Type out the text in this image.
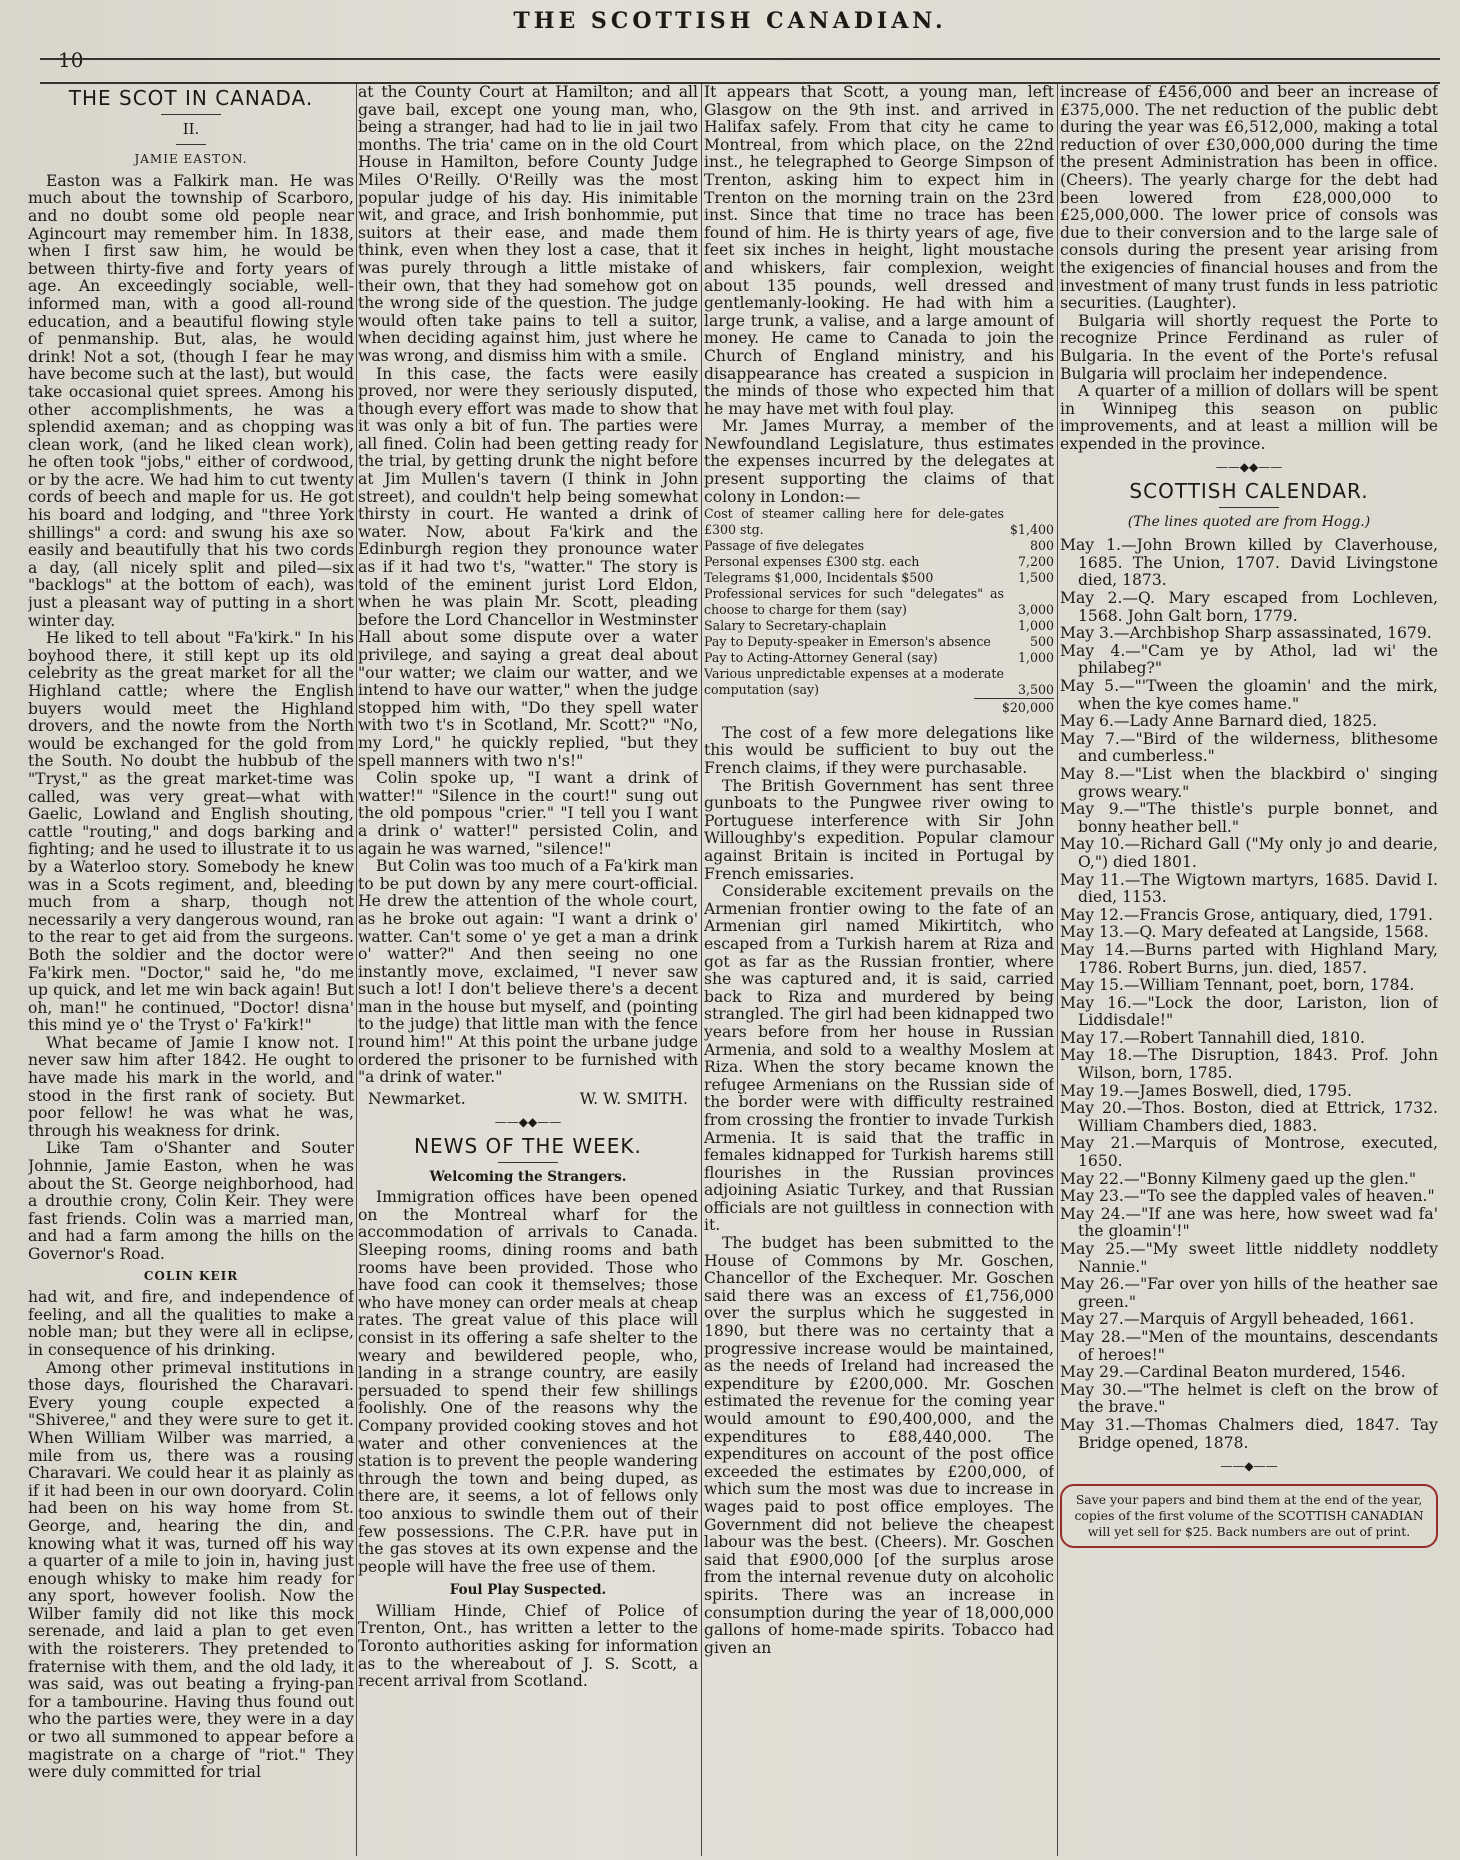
THE SCOTTISH CANADIAN.
10
THE SCOT IN CANADA.
II.
JAMIE EASTON.

Easton was a Falkirk man. He was much about the township of Scarboro, and no doubt some old people near Agincourt may remember him. In 1838, when I first saw him, he would be between thirty-five and forty years of age. An exceedingly sociable, well-informed man, with a good all-round education, and a beautiful flowing style of penmanship. But, alas, he would drink! Not a sot, (though I fear he may have become such at the last), but would take occasional quiet sprees. Among his other accomplishments, he was a splendid axeman; and as chopping was clean work, (and he liked clean work), he often took "jobs," either of cordwood, or by the acre. We had him to cut twenty cords of beech and maple for us. He got his board and lodging, and "three York shillings" a cord: and swung his axe so easily and beautifully that his two cords a day, (all nicely split and piled—six "backlogs" at the bottom of each), was just a pleasant way of putting in a short winter day.

He liked to tell about "Fa'kirk." In his boyhood there, it still kept up its old celebrity as the great market for all the Highland cattle; where the English buyers would meet the Highland drovers, and the nowte from the North would be exchanged for the gold from the South. No doubt the hubbub of the "Tryst," as the great market-time was called, was very great—what with Gaelic, Lowland and English shouting, cattle "routing," and dogs barking and fighting; and he used to illustrate it to us by a Waterloo story. Somebody he knew was in a Scots regiment, and, bleeding much from a sharp, though not necessarily a very dangerous wound, ran to the rear to get aid from the surgeons. Both the soldier and the doctor were Fa'kirk men. "Doctor," said he, "do me up quick, and let me win back again! But oh, man!" he continued, "Doctor! disna' this mind ye o' the Tryst o' Fa'kirk!"

What became of Jamie I know not. I never saw him after 1842. He ought to have made his mark in the world, and stood in the first rank of society. But poor fellow! he was what he was, through his weakness for drink.

Like Tam o'Shanter and Souter Johnnie, Jamie Easton, when he was about the St. George neighborhood, had a drouthie crony, Colin Keir. They were fast friends. Colin was a married man, and had a farm among the hills on the Governor's Road.

COLIN KEIR

had wit, and fire, and independence of feeling, and all the qualities to make a noble man; but they were all in eclipse, in consequence of his drinking.

Among other primeval institutions in those days, flourished the Charavari. Every young couple expected a "Shiveree," and they were sure to get it. When William Wilber was married, a mile from us, there was a rousing Charavari. We could hear it as plainly as if it had been in our own dooryard. Colin had been on his way home from St. George, and, hearing the din, and knowing what it was, turned off his way a quarter of a mile to join in, having just enough whisky to make him ready for any sport, however foolish. Now the Wilber family did not like this mock serenade, and laid a plan to get even with the roisterers. They pretended to fraternise with them, and the old lady, it was said, was out beating a frying-pan for a tambourine. Having thus found out who the parties were, they were in a day or two all summoned to appear before a magistrate on a charge of "riot." They were duly committed for trial

at the County Court at Hamilton; and all gave bail, except one young man, who, being a stranger, had had to lie in jail two months. The tria' came on in the old Court House in Hamilton, before County Judge Miles O'Reilly. O'Reilly was the most popular judge of his day. His inimitable wit, and grace, and Irish bonhommie, put suitors at their ease, and made them think, even when they lost a case, that it was purely through a little mistake of their own, that they had somehow got on the wrong side of the question. The judge would often take pains to tell a suitor, when deciding against him, just where he was wrong, and dismiss him with a smile.

In this case, the facts were easily proved, nor were they seriously disputed, though every effort was made to show that it was only a bit of fun. The parties were all fined. Colin had been getting ready for the trial, by getting drunk the night before at Jim Mullen's tavern (I think in John street), and couldn't help being somewhat thirsty in court. He wanted a drink of water. Now, about Fa'kirk and the Edinburgh region they pronounce water as if it had two t's, "watter." The story is told of the eminent jurist Lord Eldon, when he was plain Mr. Scott, pleading before the Lord Chancellor in Westminster Hall about some dispute over a water privilege, and saying a great deal about "our watter; we claim our watter, and we intend to have our watter," when the judge stopped him with, "Do they spell water with two t's in Scotland, Mr. Scott?" "No, my Lord," he quickly replied, "but they spell manners with two n's!"

Colin spoke up, "I want a drink of watter!" "Silence in the court!" sung out the old pompous "crier." "I tell you I want a drink o' watter!" persisted Colin, and again he was warned, "silence!"

But Colin was too much of a Fa'kirk man to be put down by any mere court-official. He drew the attention of the whole court, as he broke out again: "I want a drink o' watter. Can't some o' ye get a man a drink o' watter?" And then seeing no one instantly move, exclaimed, "I never saw such a lot! I don't believe there's a decent man in the house but myself, and (pointing to the judge) that little man with the fence round him!" At this point the urbane judge ordered the prisoner to be furnished with "a drink of water."

Newmarket.	W. W. SMITH.
——◆◆——
NEWS OF THE WEEK.
Welcoming the Strangers.

Immigration offices have been opened on the Montreal wharf for the accommodation of arrivals to Canada. Sleeping rooms, dining rooms and bath rooms have been provided. Those who have food can cook it themselves; those who have money can order meals at cheap rates. The great value of this place will consist in its offering a safe shelter to the weary and bewildered people, who, landing in a strange country, are easily persuaded to spend their few shillings foolishly. One of the reasons why the Company provided cooking stoves and hot water and other conveniences at the station is to prevent the people wandering through the town and being duped, as there are, it seems, a lot of fellows only too anxious to swindle them out of their few possessions. The C.P.R. have put in the gas stoves at its own expense and the people will have the free use of them.

Foul Play Suspected.

William Hinde, Chief of Police of Trenton, Ont., has written a letter to the Toronto authorities asking for information as to the whereabout of J. S. Scott, a recent arrival from Scotland.

It appears that Scott, a young man, left Glasgow on the 9th inst. and arrived in Halifax safely. From that city he came to Montreal, from which place, on the 22nd inst., he telegraphed to George Simpson of Trenton, asking him to expect him in Trenton on the morning train on the 23rd inst. Since that time no trace has been found of him. He is thirty years of age, five feet six inches in height, light moustache and whiskers, fair complexion, weight about 135 pounds, well dressed and gentlemanly-looking. He had with him a large trunk, a valise, and a large amount of money. He came to Canada to join the Church of England ministry, and his disappearance has created a suspicion in the minds of those who expected him that he may have met with foul play.

Mr. James Murray, a member of the Newfoundland Legislature, thus estimates the expenses incurred by the delegates at present supporting the claims of that colony in London:—

Cost of steamer calling here for dele-gates £300 stg.	$1,400
Passage of five delegates	800
Personal expenses £300 stg. each	7,200
Telegrams $1,000, Incidentals $500	1,500
Professional services for such "delegates" as choose to charge for them (say)	3,000
Salary to Secretary-chaplain	1,000
Pay to Deputy-speaker in Emerson's absence	500
Pay to Acting-Attorney General (say)	1,000
Various unpredictable expenses at a moderate computation (say)	3,500
$20,000

The cost of a few more delegations like this would be sufficient to buy out the French claims, if they were purchasable.

The British Government has sent three gunboats to the Pungwee river owing to Portuguese interference with Sir John Willoughby's expedition. Popular clamour against Britain is incited in Portugal by French emissaries.

Considerable excitement prevails on the Armenian frontier owing to the fate of an Armenian girl named Mikirtitch, who escaped from a Turkish harem at Riza and got as far as the Russian frontier, where she was captured and, it is said, carried back to Riza and murdered by being strangled. The girl had been kidnapped two years before from her house in Russian Armenia, and sold to a wealthy Moslem at Riza. When the story became known the refugee Armenians on the Russian side of the border were with difficulty restrained from crossing the frontier to invade Turkish Armenia. It is said that the traffic in females kidnapped for Turkish harems still flourishes in the Russian provinces adjoining Asiatic Turkey, and that Russian officials are not guiltless in connection with it.

The budget has been submitted to the House of Commons by Mr. Goschen, Chancellor of the Exchequer. Mr. Goschen said there was an excess of £1,756,000 over the surplus which he suggested in 1890, but there was no certainty that a progressive increase would be maintained, as the needs of Ireland had increased the expenditure by £200,000. Mr. Goschen estimated the revenue for the coming year would amount to £90,400,000, and the expenditures to £88,440,000. The expenditures on account of the post office exceeded the estimates by £200,000, of which sum the most was due to increase in wages paid to post office employes. The Government did not believe the cheapest labour was the best. (Cheers). Mr. Goschen said that £900,000 [of the surplus arose from the internal revenue duty on alcoholic spirits. There was an increase in consumption during the year of 18,000,000 gallons of home-made spirits. Tobacco had given an

increase of £456,000 and beer an increase of £375,000. The net reduction of the public debt during the year was £6,512,000, making a total reduction of over £30,000,000 during the time the present Administration has been in office. (Cheers). The yearly charge for the debt had been lowered from £28,000,000 to £25,000,000. The lower price of consols was due to their conversion and to the large sale of consols during the present year arising from the exigencies of financial houses and from the investment of many trust funds in less patriotic securities. (Laughter).

Bulgaria will shortly request the Porte to recognize Prince Ferdinand as ruler of Bulgaria. In the event of the Porte's refusal Bulgaria will proclaim her independence.

A quarter of a million of dollars will be spent in Winnipeg this season on public improvements, and at least a million will be expended in the province.

——◆◆——
SCOTTISH CALENDAR.
(The lines quoted are from Hogg.)

May 1.—John Brown killed by Claverhouse, 1685. The Union, 1707. David Livingstone died, 1873.

May 2.—Q. Mary escaped from Lochleven, 1568. John Galt born, 1779.

May 3.—Archbishop Sharp assassinated, 1679.

May 4.—"Cam ye by Athol, lad wi' the philabeg?"

May 5.—"'Tween the gloamin' and the mirk, when the kye comes hame."

May 6.—Lady Anne Barnard died, 1825.

May 7.—"Bird of the wilderness, blithesome and cumberless."

May 8.—"List when the blackbird o' singing grows weary."

May 9.—"The thistle's purple bonnet, and bonny heather bell."

May 10.—Richard Gall ("My only jo and dearie, O,") died 1801.

May 11.—The Wigtown martyrs, 1685. David I. died, 1153.

May 12.—Francis Grose, antiquary, died, 1791.

May 13.—Q. Mary defeated at Langside, 1568.

May 14.—Burns parted with Highland Mary, 1786. Robert Burns, jun. died, 1857.

May 15.—William Tennant, poet, born, 1784.

May 16.—"Lock the door, Lariston, lion of Liddisdale!"

May 17.—Robert Tannahill died, 1810.

May 18.—The Disruption, 1843. Prof. John Wilson, born, 1785.

May 19.—James Boswell, died, 1795.

May 20.—Thos. Boston, died at Ettrick, 1732. William Chambers died, 1883.

May 21.—Marquis of Montrose, executed, 1650.

May 22.—"Bonny Kilmeny gaed up the glen."

May 23.—"To see the dappled vales of heaven."

May 24.—"If ane was here, how sweet wad fa' the gloamin'!"

May 25.—"My sweet little niddlety noddlety Nannie."

May 26.—"Far over yon hills of the heather sae green."

May 27.—Marquis of Argyll beheaded, 1661.

May 28.—"Men of the mountains, descendants of heroes!"

May 29.—Cardinal Beaton murdered, 1546.

May 30.—"The helmet is cleft on the brow of the brave."

May 31.—Thomas Chalmers died, 1847. Tay Bridge opened, 1878.

——◆——
Save your papers and bind them at the end of the year, copies of the first volume of the SCOTTISH CANADIAN will yet sell for $25. Back numbers are out of print.
